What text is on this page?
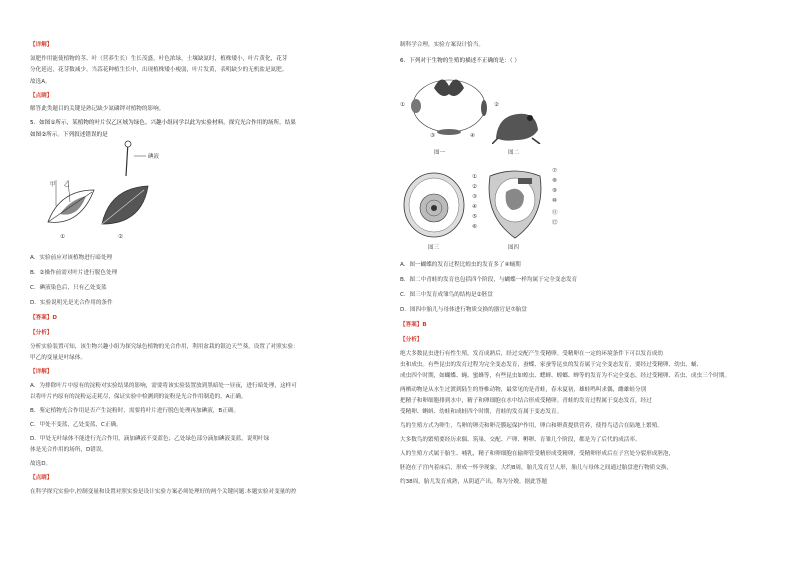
甲 乙
碘液
①	②
【详解】
氮肥作用能使植物的茎、叶（营养生长）生长茂盛，叶色浓绿。土壤缺氮时，植株矮小，叶片黄化，花芽
分化延迟，花芽数减少。当蒜花种植生长中，出现植株矮小瘦弱，叶片发黄，表明缺少的无机盐是氮肥。
故选A。
【点睛】
解答此类题目的关键是熟记缺少氮磷钾对植物的影响。
5．如图①所示，某植物的叶片仅乙区域为绿色。兴趣小组同学以此为实验材料，探究光合作用的场所，结果
如图②所示。下列叙述错误的是
A．实验前应对该植物进行暗处理
B．②操作前需对叶片进行脱色处理
C．碘液染色后，只有乙处变蓝
D．实验说明光是光合作用的条件
【答案】D
【分析】
分析实验装置可知，该生物兴趣小组为探究绿色植物的光合作用，利用盆栽的银边天竺葵，设置了对照实验：
甲乙的变量是叶绿体。
【详解】
A．为排除叶片中原有的淀粉对实验结果的影响，需要将该实验装置放到黑暗处一昼夜，进行暗处理，这样可
以将叶片内原有的淀粉运走耗尽，保证实验中检测到的淀粉是光合作用制造的，A正确。
B．鉴定植物光合作用是否产生淀粉时，需要将叶片进行脱色处理再加碘液，B正确。
C．甲处不变蓝，乙处变蓝，C正确。
D．甲处无叶绿体不能进行光合作用，滴加碘液不变蓝色；乙处绿色部分滴加碘液变蓝，说明叶绿
体是光合作用的场所，D错误。
故选D。
【点睛】
在科学探究实验中,控制变量和设置对照实验是设计实验方案必须处理好的两个关键问题.本题实验对变量的控
①	②
③	④
图一	图二
①
②
③
④
⑤
⑥
图三
⑦
⑧
⑨
⑩
⑪
⑫
图四
制科学合理，实验方案设计恰当。
6．下列对于生物的生殖的描述不正确的是：（ ）
A．图一蝴蝶的发育过程比蝗虫的发育多了④蛹期
B．图二中青蛙的发育也包括四个阶段，与蝴蝶一样均属于完全变态发育
C．图三中发育成雏鸟的结构是②胚盘
D．图四中胎儿与母体进行物质交换的器官是⑦胎盘
【答案】B
【分析】
绝大多数昆虫进行有性生殖，发育成熟后，经过交配产生受精卵。受精卵在一定的环境条件下可以发育成幼
虫和成虫。有些昆虫的发育过程为完全变态发育，蚕蝶、家蚕等昆虫的发育属于完全变态发育，要经过受精卵、幼虫、蛹、
成虫四个时期，如蝴蝶、蝇、蜜蜂等，有些昆虫如蝗虫、蟋蟀、螳螂、蝉等的发育为不完全变态，经过受精卵、若虫、成虫三个时期。
两栖动物是从水生过渡到陆生的脊椎动物，最常见的是青蛙，春末夏初，雄蛙鸣叫求偶，雌雄蛙分别
把精子和卵细胞排到水中，精子和卵细胞在水中结合形成受精卵。青蛙的发育过程属于变态发育，经过
受精卵、蝌蚪、幼蛙和成蛙四个时期，青蛙的发育属于变态发育。
鸟的生殖方式为卵生，鸟卵的卵壳和卵壳膜起保护作用，卵白和卵黄提供营养，使得鸟适合在陆地上繁殖。
大多数鸟的繁殖要经历求偶、筑巢、交配、产卵、孵卵、育雏几个阶段，都是为了后代的成活率。
人的生殖方式属于胎生、哺乳，精子和卵细胞在输卵管受精形成受精卵，受精卵形成后在子宫处分裂形成胚泡，
胚泡在子宫内着床后，形成一怀孕现象，大约8周，胎儿发育呈人形，胎儿与母体之间通过胎盘进行物质交换，
约38周，胎儿发育成熟，从阴道产出，称为分娩。据此答题
